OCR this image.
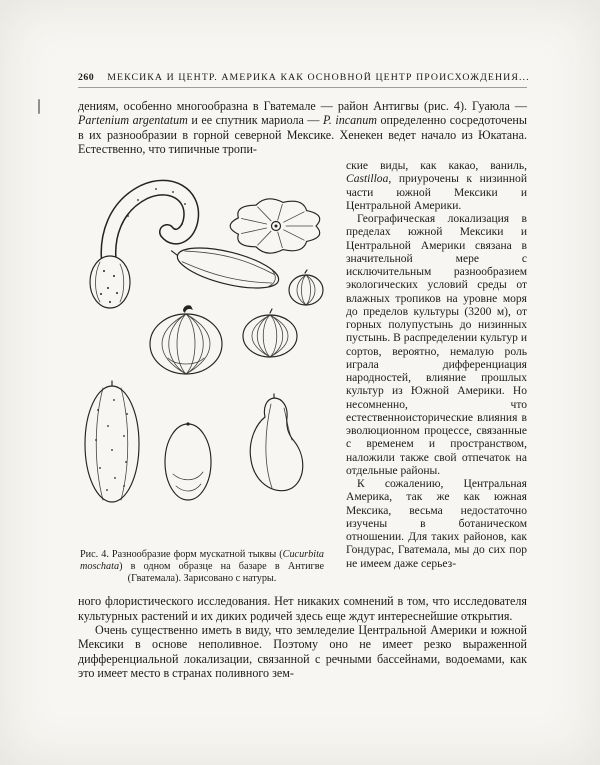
260 МЕКСИКА И ЦЕНТР. АМЕРИКА КАК ОСНОВНОЙ ЦЕНТР ПРОИСХОЖДЕНИЯ...

дениям, особенно многообразна в Гватемале — район Антигвы (рис. 4). Гуаюла — Partenium argentatum и ее спутник мариола — P. incanum определенно сосредоточены в их разнообразии в горной северной Мексике. Хенекен ведет начало из Юкатана. Естественно, что типичные тропи-

Рис. 4. Разнообразие форм мускатной тыквы (Cucurbita moschata) в одном образце на базаре в Антигве (Гватемала). Зарисовано с натуры.

ские виды, как какао, ваниль, Castilloa, приурочены к низинной части южной Мексики и Центральной Америки.

Географическая локализация в пределах южной Мексики и Центральной Америки связана в значительной мере с исключительным разнообразием экологических условий среды от влажных тропиков на уровне моря до пределов культуры (3200 м), от горных полупустынь до низинных пустынь. В распределении культур и сортов, вероятно, немалую роль играла дифференциация народностей, влияние прошлых культур из Южной Америки. Но несомненно, что естественноисторические влияния в эволюционном процессе, связанные с временем и пространством, наложили также свой отпечаток на отдельные районы.

К сожалению, Центральная Америка, так же как южная Мексика, весьма недостаточно изучены в ботаническом отношении. Для таких районов, как Гондурас, Гватемала, мы до сих пор не имеем даже серьез-

ного флористического исследования. Нет никаких сомнений в том, что исследователя культурных растений и их диких родичей здесь еще ждут интереснейшие открытия.

Очень существенно иметь в виду, что земледелие Центральной Америки и южной Мексики в основе неполивное. Поэтому оно не имеет резко выраженной дифференциальной локализации, связанной с речными бассейнами, водоемами, как это имеет место в странах поливного зем-
